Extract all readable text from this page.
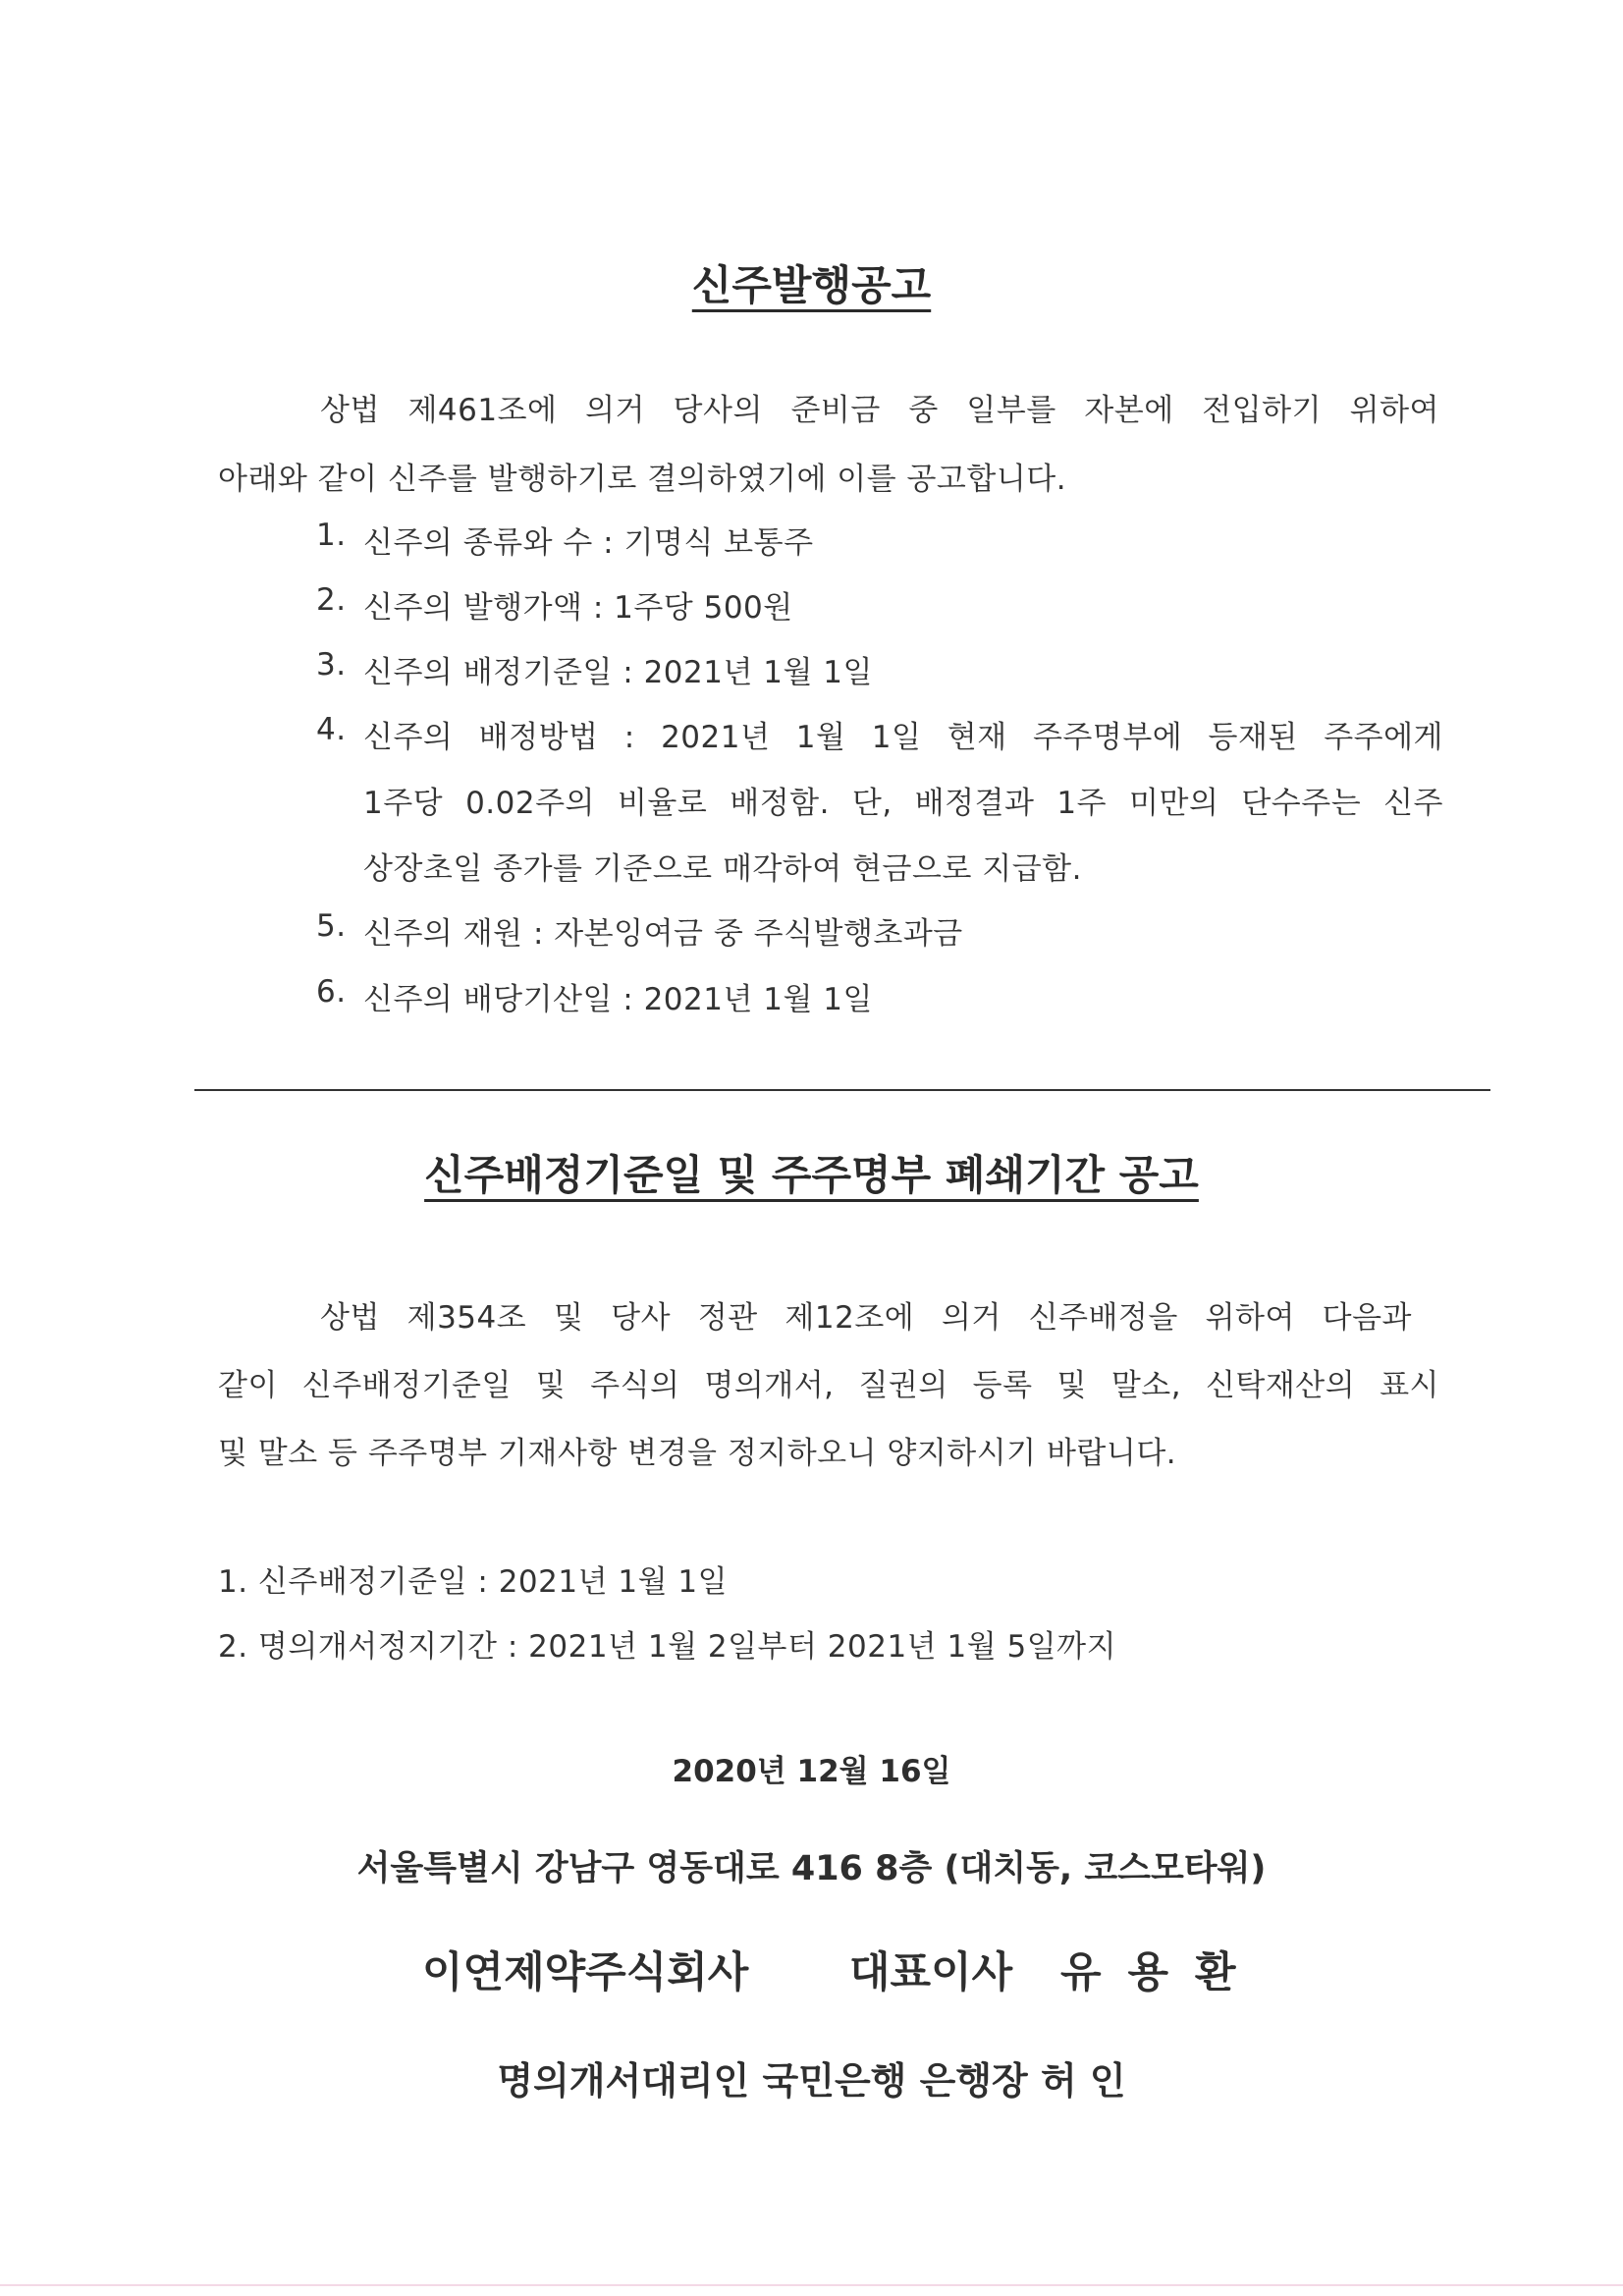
신주발행공고
상법 제461조에 의거 당사의 준비금 중 일부를 자본에 전입하기 위하여
아래와 같이 신주를 발행하기로 결의하였기에 이를 공고합니다.
1. 신주의 종류와 수 : 기명식 보통주
2. 신주의 발행가액 : 1주당 500원
3. 신주의 배정기준일 : 2021년 1월 1일
4. 신주의 배정방법 : 2021년 1월 1일 현재 주주명부에 등재된 주주에게
1주당 0.02주의 비율로 배정함. 단, 배정결과 1주 미만의 단수주는 신주
상장초일 종가를 기준으로 매각하여 현금으로 지급함.
5. 신주의 재원 : 자본잉여금 중 주식발행초과금
6. 신주의 배당기산일 : 2021년 1월 1일
신주배정기준일 및 주주명부 폐쇄기간 공고
상법 제354조 및 당사 정관 제12조에 의거 신주배정을 위하여 다음과
같이 신주배정기준일 및 주식의 명의개서, 질권의 등록 및 말소, 신탁재산의 표시
및 말소 등 주주명부 기재사항 변경을 정지하오니 양지하시기 바랍니다.
1. 신주배정기준일 : 2021년 1월 1일
2. 명의개서정지기간 : 2021년 1월 2일부터 2021년 1월 5일까지
2020년 12월 16일
서울특별시 강남구 영동대로 416 8층 (대치동, 코스모타워)
이연제약주식회사 대표이사 유 용 환
명의개서대리인 국민은행 은행장 허 인
